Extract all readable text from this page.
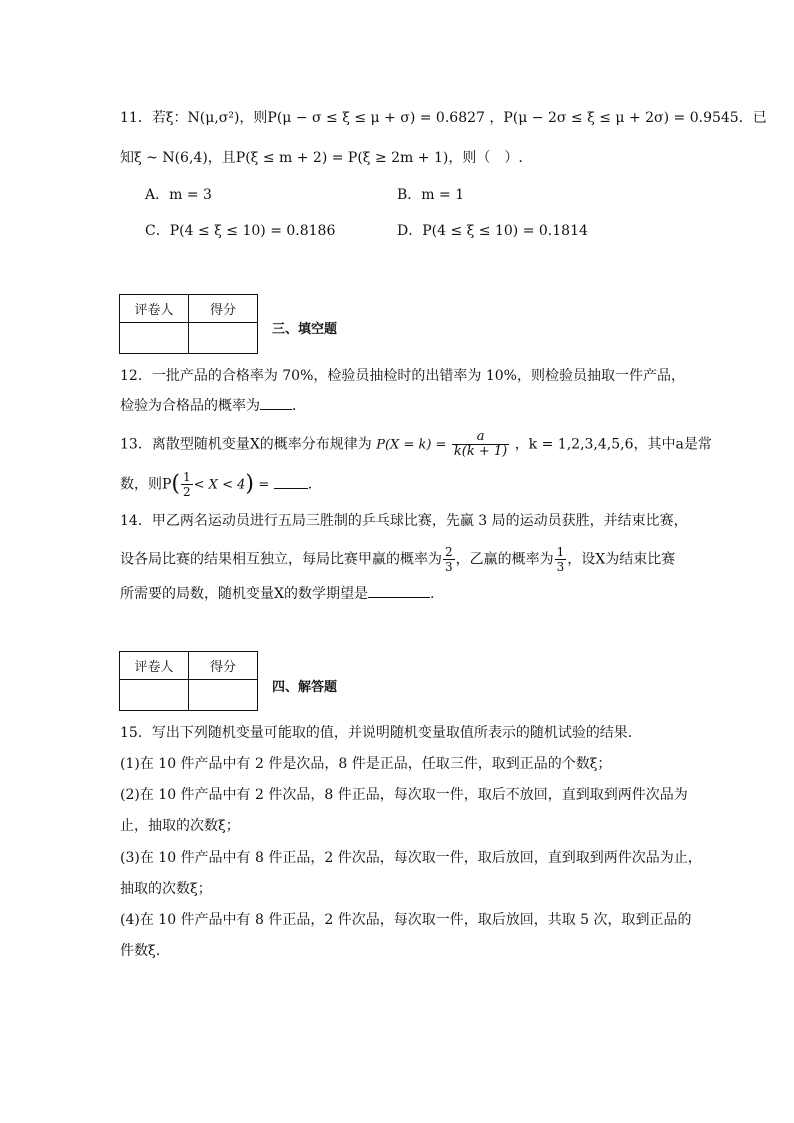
11．若ξ：N(μ,σ²)，则P(μ − σ ≤ ξ ≤ μ + σ) = 0.6827 ，P(μ − 2σ ≤ ξ ≤ μ + 2σ) = 0.9545．已
知ξ ~ N(6,4)，且P(ξ ≤ m + 2) = P(ξ ≥ 2m + 1)，则（　）.
A．m = 3	B．m = 1
C．P(4 ≤ ξ ≤ 10) = 0.8186	D．P(4 ≤ ξ ≤ 10) = 0.1814
评卷人	得分

三、填空题
12．一批产品的合格率为 70%，检验员抽检时的出错率为 10%，则检验员抽取一件产品，
检验为合格品的概率为 ．
13．离散型随机变量X的概率分布规律为 $P(X = k) = \frac{a}{k(k + 1)}$ ，k = 1,2,3,4,5,6，其中a是常
数，则$P( \frac{1}{2} < X < 4)$ =	．
14．甲乙两名运动员进行五局三胜制的乒乓球比赛，先赢 3 局的运动员获胜，并结束比赛，
设各局比赛的结果相互独立，每局比赛甲赢的概率为 $\frac{2}{3}$ ，乙赢的概率为 $\frac{1}{3}$ ，设X为结束比赛
所需要的局数，随机变量X的数学期望是	.
评卷人	得分

四、解答题
15．写出下列随机变量可能取的值，并说明随机变量取值所表示的随机试验的结果．
(1)在 10 件产品中有 2 件是次品，8 件是正品，任取三件，取到正品的个数ξ；
(2)在 10 件产品中有 2 件次品，8 件正品，每次取一件，取后不放回，直到取到两件次品为
止，抽取的次数ξ；
(3)在 10 件产品中有 8 件正品，2 件次品，每次取一件，取后放回，直到取到两件次品为止，
抽取的次数ξ；
(4)在 10 件产品中有 8 件正品，2 件次品，每次取一件，取后放回，共取 5 次，取到正品的
件数ξ.
